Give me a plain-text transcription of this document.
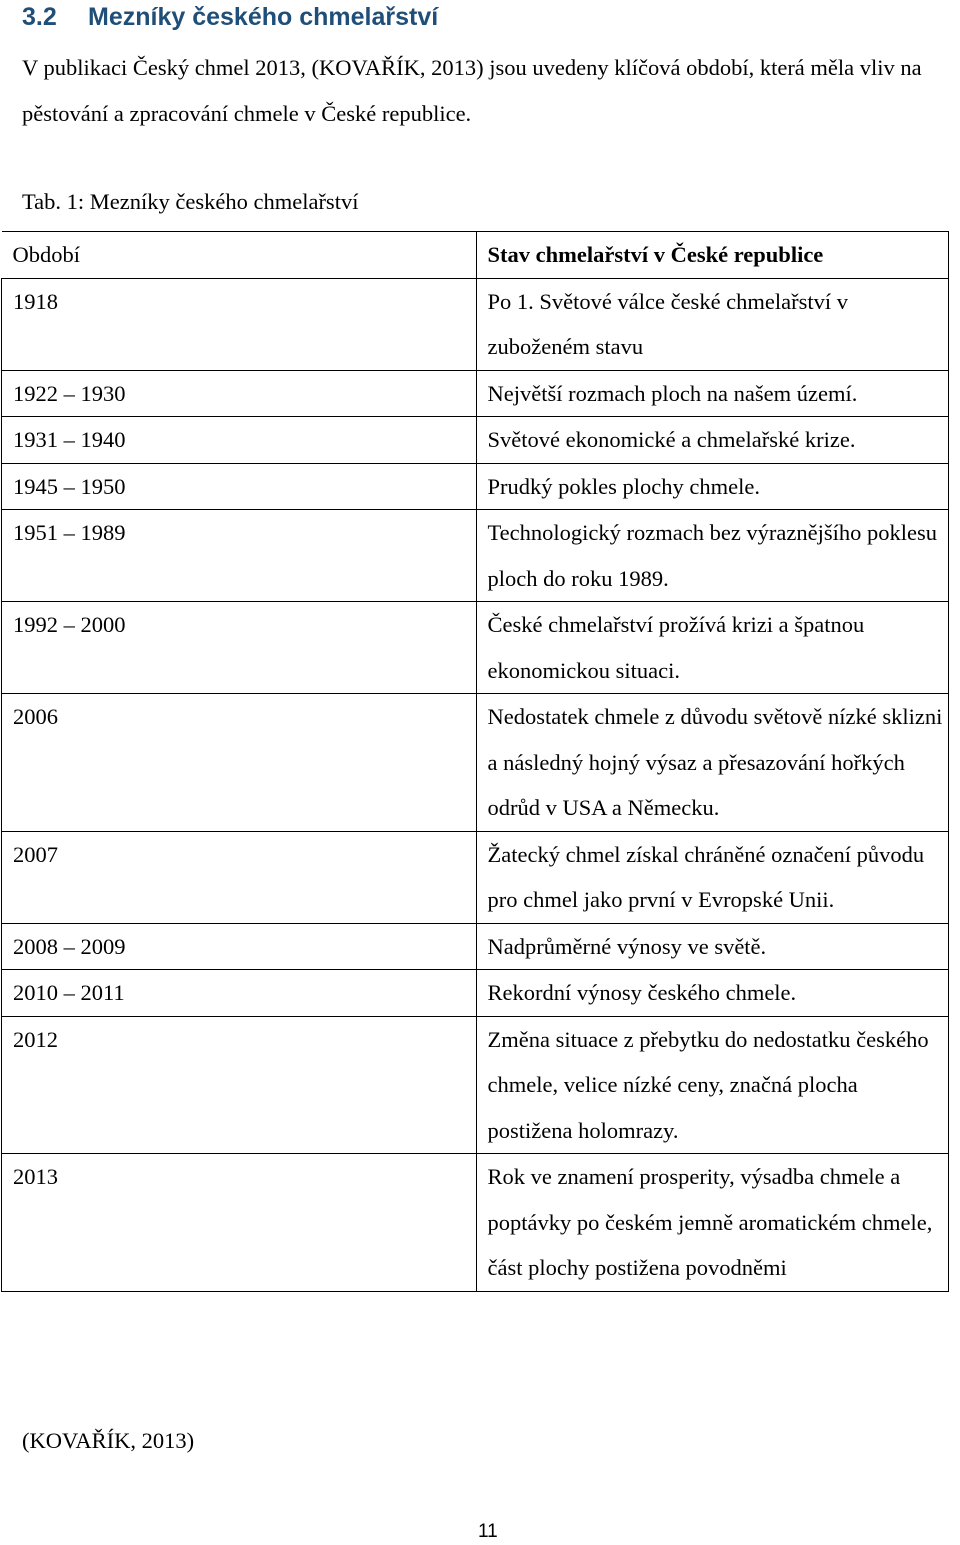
3.2 Mezníky českého chmelařství
V publikaci Český chmel 2013, (KOVAŘÍK, 2013) jsou uvedeny klíčová období, která měla vliv na pěstování a zpracování chmele v České republice.
Tab. 1: Mezníky českého chmelařství
Období	Stav chmelařství v České republice
1918	Po 1. Světové válce české chmelařství v zuboženém stavu
1922 – 1930	Největší rozmach ploch na našem území.
1931 – 1940	Světové ekonomické a chmelařské krize.
1945 – 1950	Prudký pokles plochy chmele.
1951 – 1989	Technologický rozmach bez výraznějšího poklesu ploch do roku 1989.
1992 – 2000	České chmelařství prožívá krizi a špatnou ekonomickou situaci.
2006	Nedostatek chmele z důvodu světově nízké sklizni a následný hojný výsaz a přesazování hořkých odrůd v USA a Německu.
2007	Žatecký chmel získal chráněné označení původu pro chmel jako první v Evropské Unii.
2008 – 2009	Nadprůměrné výnosy ve světě.
2010 – 2011	Rekordní výnosy českého chmele.
2012	Změna situace z přebytku do nedostatku českého chmele, velice nízké ceny, značná plocha postižena holomrazy.
2013	Rok ve znamení prosperity, výsadba chmele a poptávky po českém jemně aromatickém chmele, část plochy postižena povodněmi
(KOVAŘÍK, 2013)
11
